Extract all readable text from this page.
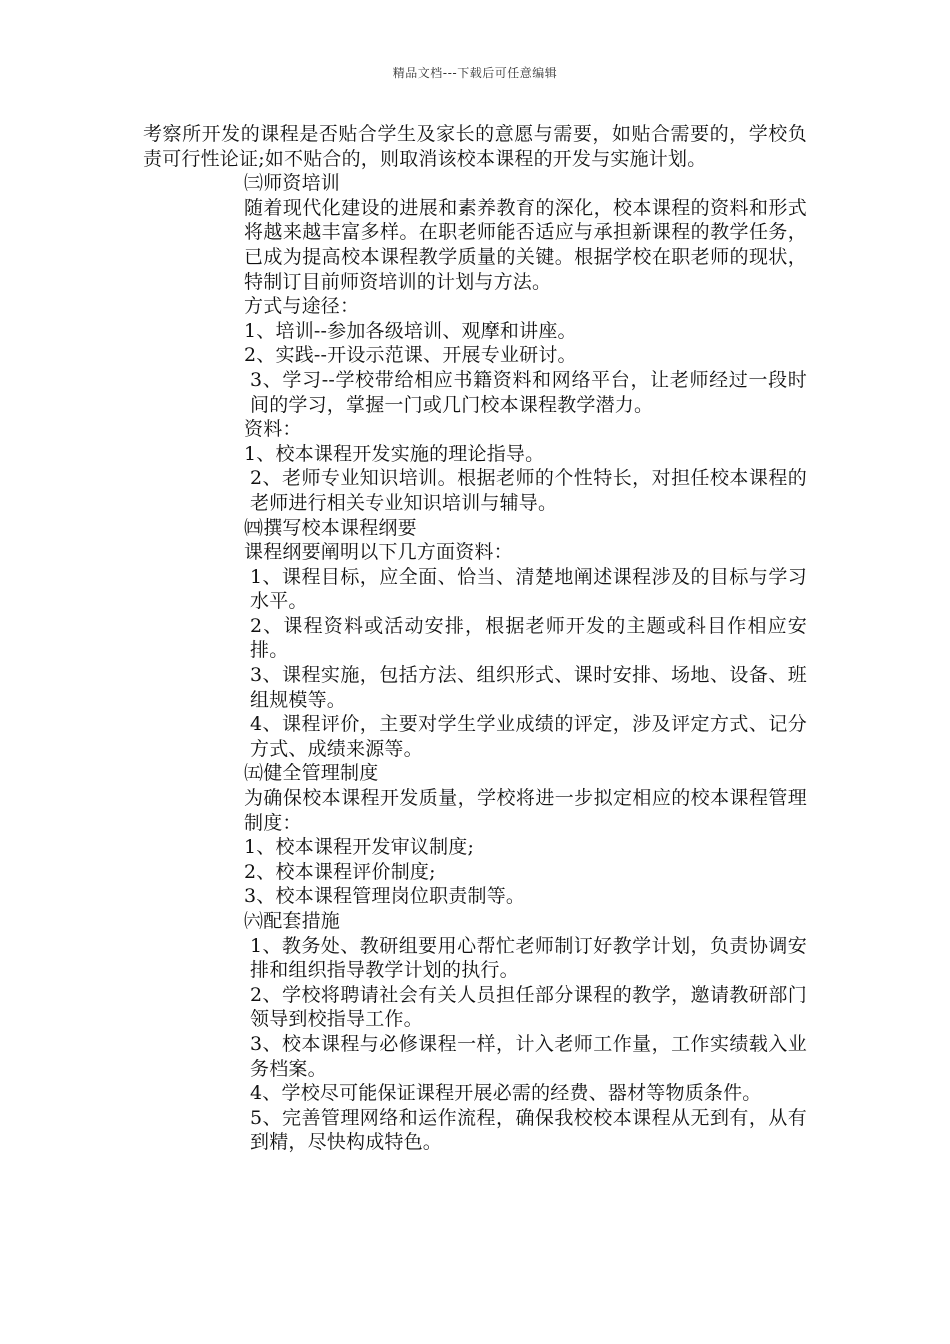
精品文档---下载后可任意编辑

考察所开发的课程是否贴合学生及家长的意愿与需要，如贴合需要的，学校负责可行性论证;如不贴合的，则取消该校本课程的开发与实施计划。

㈢师资培训

随着现代化建设的进展和素养教育的深化，校本课程的资料和形式将越来越丰富多样。在职老师能否适应与承担新课程的教学任务，已成为提高校本课程教学质量的关键。根据学校在职老师的现状，特制订目前师资培训的计划与方法。

方式与途径：

1、培训--参加各级培训、观摩和讲座。

2、实践--开设示范课、开展专业研讨。

3、学习--学校带给相应书籍资料和网络平台，让老师经过一段时间的学习，掌握一门或几门校本课程教学潜力。

资料：

1、校本课程开发实施的理论指导。

2、老师专业知识培训。根据老师的个性特长，对担任校本课程的老师进行相关专业知识培训与辅导。

㈣撰写校本课程纲要

课程纲要阐明以下几方面资料：

1、课程目标，应全面、恰当、清楚地阐述课程涉及的目标与学习水平。

2、课程资料或活动安排，根据老师开发的主题或科目作相应安排。

3、课程实施，包括方法、组织形式、课时安排、场地、设备、班组规模等。

4、课程评价，主要对学生学业成绩的评定，涉及评定方式、记分方式、成绩来源等。

㈤健全管理制度

为确保校本课程开发质量，学校将进一步拟定相应的校本课程管理制度：

1、校本课程开发审议制度;

2、校本课程评价制度;

3、校本课程管理岗位职责制等。

㈥配套措施

1、教务处、教研组要用心帮忙老师制订好教学计划，负责协调安排和组织指导教学计划的执行。

2、学校将聘请社会有关人员担任部分课程的教学，邀请教研部门领导到校指导工作。

3、校本课程与必修课程一样，计入老师工作量，工作实绩载入业务档案。

4、学校尽可能保证课程开展必需的经费、器材等物质条件。

5、完善管理网络和运作流程，确保我校校本课程从无到有，从有到精，尽快构成特色。
